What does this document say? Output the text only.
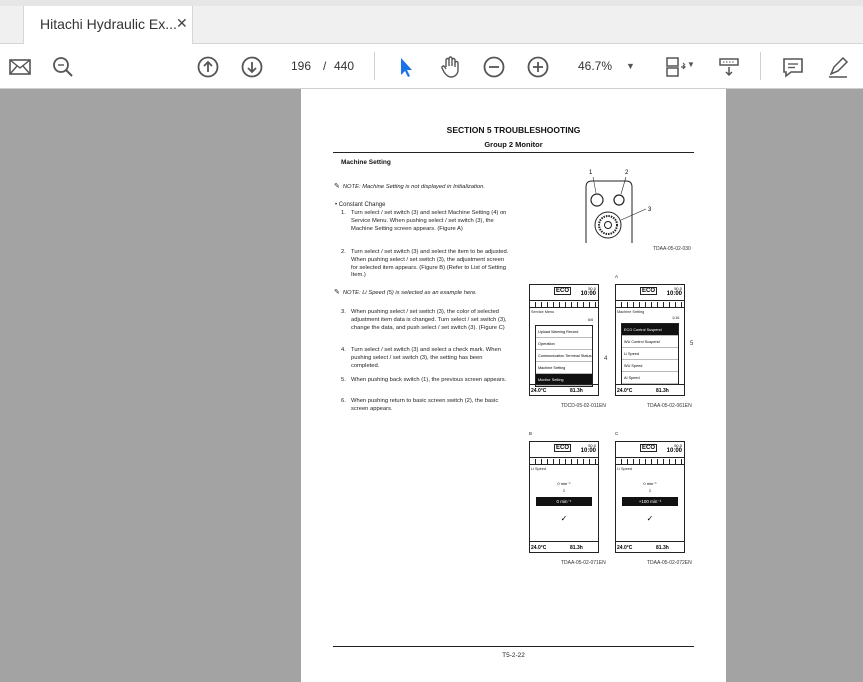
Hitachi Hydraulic Ex... ✕
196 / 440	46.7% ▼	▼
SECTION 5 TROUBLESHOOTING
Group 2 Monitor
Machine Setting
✎ NOTE: Machine Setting is not displayed in Initialization.
• Constant Change
1. Turn select / set switch (3) and select Machine Setting (4) on Service Menu. When pushing select / set switch (3), the Machine Setting screen appears. (Figure A)
2. Turn select / set switch (3) and select the item to be adjusted. When pushing select / set switch (3), the adjustment screen for selected item appears. (Figure B) (Refer to List of Setting Item.)
✎ NOTE: Li Speed (5) is selected as an example here.
3. When pushing select / set switch (3), the color of selected adjustment item data is changed. Turn select / set switch (3), change the data, and push select / set switch (3). (Figure C)
4. Turn select / set switch (3) and select a check mark. When pushing select / set switch (3), the setting has been completed.
5. When pushing back switch (1), the previous screen appears.
6. When pushing return to basic screen switch (2), the basic screen appears.
1	2
3
TDAA-05-02-030
ECO	50.0
10:00
Service Menu
6/6
Upload Warning Record
Operation
Communication Terminal Status
Machine Setting
Monitor Setting
24.0°C	81.3h
4
TDCD-05-02-011EN
A
ECO	50.0
10:00
Machine Setting
1/16
ECO Control Suspend
WU Control Suspend
Li Speed
WU Speed
AI Speed
24.0°C	81.3h
5
TDAA-05-02-061EN
B
ECO	50.0
10:00
Li Speed
0 min⁻¹
⇩
0 min⁻¹
✓
24.0°C	81.3h
TDAA-05-02-071EN
C
ECO	50.0
10:00
Li Speed
0 min⁻¹
⇩
+100 min⁻¹
✓
24.0°C	81.3h
TDAA-05-02-072EN
T5-2-22
